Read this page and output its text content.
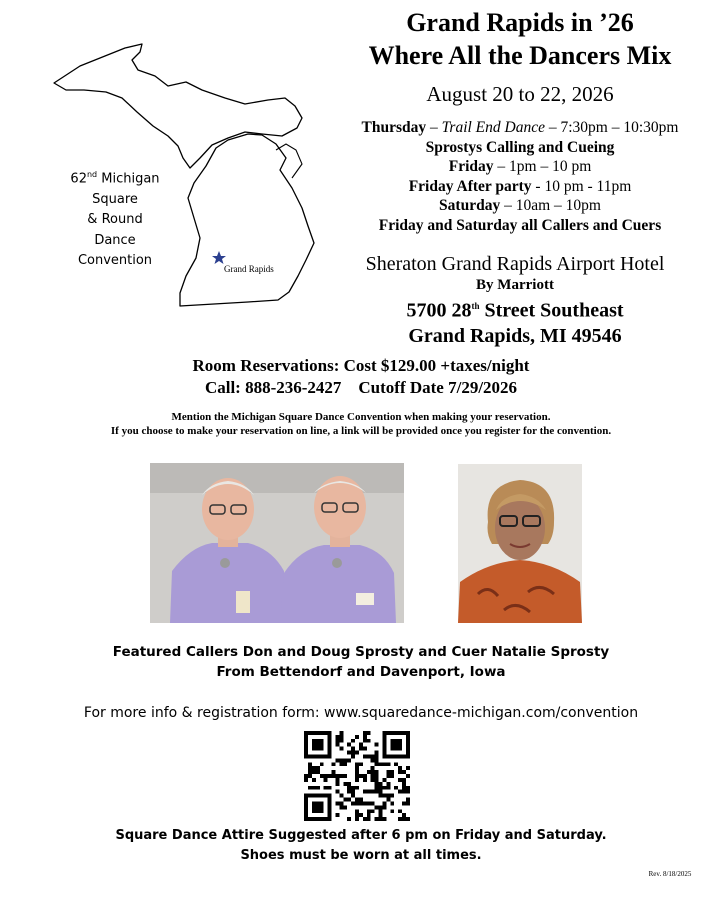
Grand Rapids
62nd Michigan
Square
& Round
Dance
Convention
Grand Rapids in ’26
Where All the Dancers Mix
August 20 to 22, 2026
Thursday – Trail End Dance – 7:30pm – 10:30pm
Sprostys Calling and Cueing
Friday – 1pm – 10 pm
Friday After party - 10 pm - 11pm
Saturday – 10am – 10pm
Friday and Saturday all Callers and Cuers
Sheraton Grand Rapids Airport Hotel
By Marriott
5700 28th Street Southeast
Grand Rapids, MI 49546
Room Reservations: Cost $129.00 +taxes/night
Call: 888-236-2427 Cutoff Date 7/29/2026
Mention the Michigan Square Dance Convention when making your reservation.
If you choose to make your reservation on line, a link will be provided once you register for the convention.
Featured Callers Don and Doug Sprosty and Cuer Natalie Sprosty
From Bettendorf and Davenport, Iowa
For more info & registration form: www.squaredance-michigan.com/convention
Square Dance Attire Suggested after 6 pm on Friday and Saturday.
Shoes must be worn at all times.
Rev. 8/18/2025
